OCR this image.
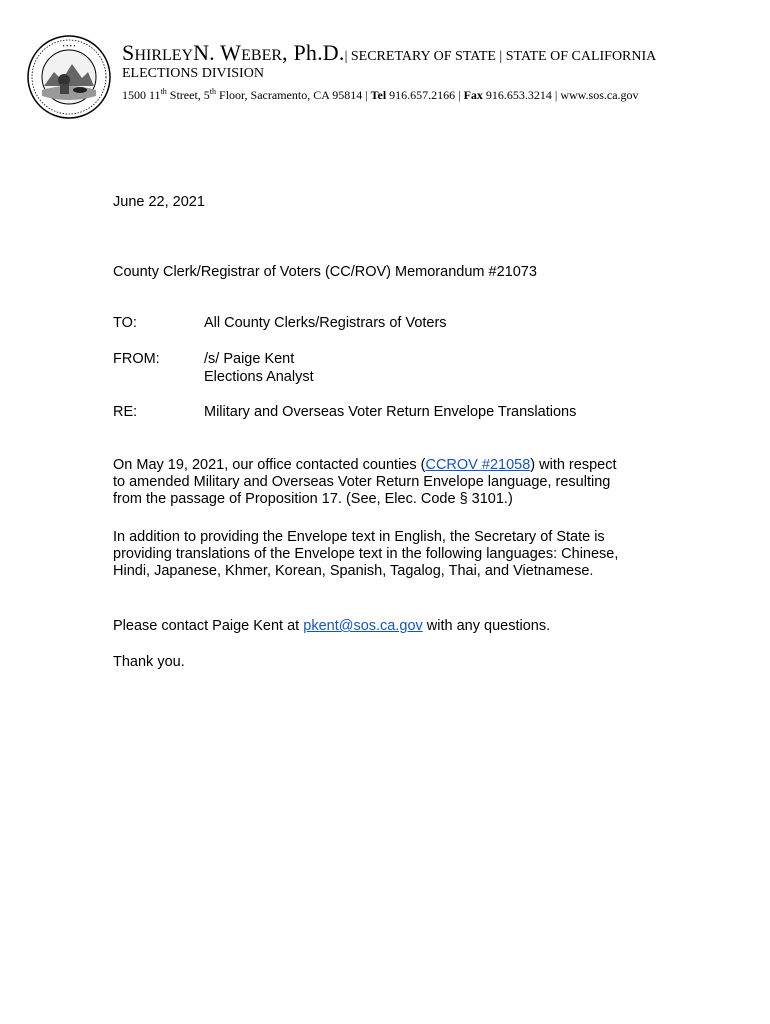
• • • • SHIRLEYN. WEBER, Ph.D.| SECRETARY OF STATE | STATE OF CALIFORNIA
ELECTIONS DIVISION
1500 11th Street, 5th Floor, Sacramento, CA 95814 | Tel 916.657.2166 | Fax 916.653.3214 | www.sos.ca.gov
June 22, 2021
County Clerk/Registrar of Voters (CC/ROV) Memorandum #21073
TO:	All County Clerks/Registrars of Voters
FROM:	/s/ Paige Kent
Elections Analyst
RE:	Military and Overseas Voter Return Envelope Translations
On May 19, 2021, our office contacted counties (CCROV #21058) with respect
to amended Military and Overseas Voter Return Envelope language, resulting
from the passage of Proposition 17. (See, Elec. Code § 3101.)
In addition to providing the Envelope text in English, the Secretary of State is
providing translations of the Envelope text in the following languages: Chinese,
Hindi, Japanese, Khmer, Korean, Spanish, Tagalog, Thai, and Vietnamese.
Please contact Paige Kent at pkent@sos.ca.gov with any questions.
Thank you.
